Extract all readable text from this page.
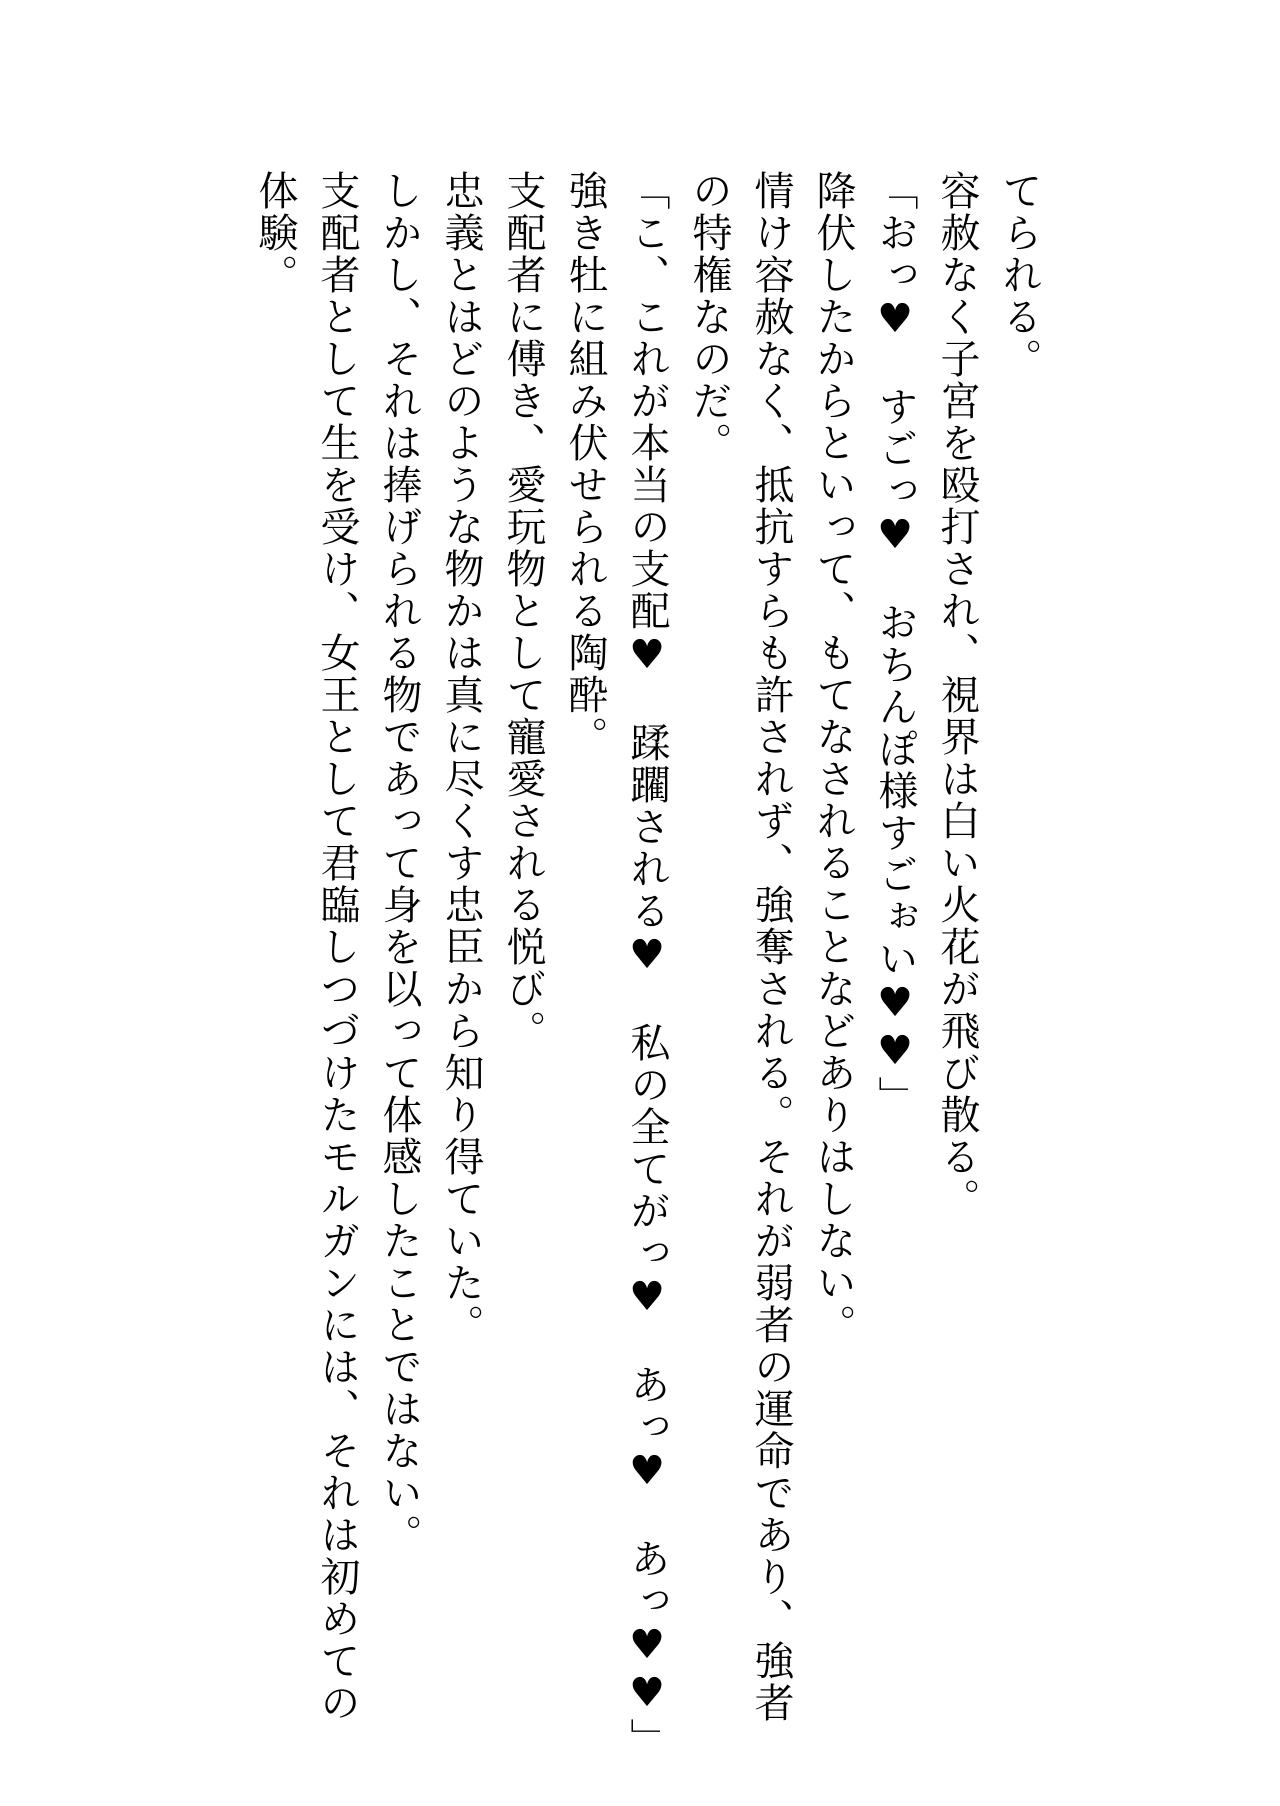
てられる。
容赦なく子宮を殴打され、視界は白い火花が飛び散る。
「おっ♥　すごっ♥　おちんぽ様すごぉい♥♥」
降伏したからといって、もてなされることなどありはしない。
情け容赦なく、抵抗すらも許されず、強奪される。それが弱者の運命であり、強者
の特権なのだ。
「こ、これが本当の支配♥　蹂躙される♥　私の全てがっ♥　あっ♥　あっ♥♥」
強き牡に組み伏せられる陶酔。
支配者に傅き、愛玩物として寵愛される悦び。
忠義とはどのような物かは真に尽くす忠臣から知り得ていた。
しかし、それは捧げられる物であって身を以って体感したことではない。
支配者として生を受け、女王として君臨しつづけたモルガンには、それは初めての
体験。
